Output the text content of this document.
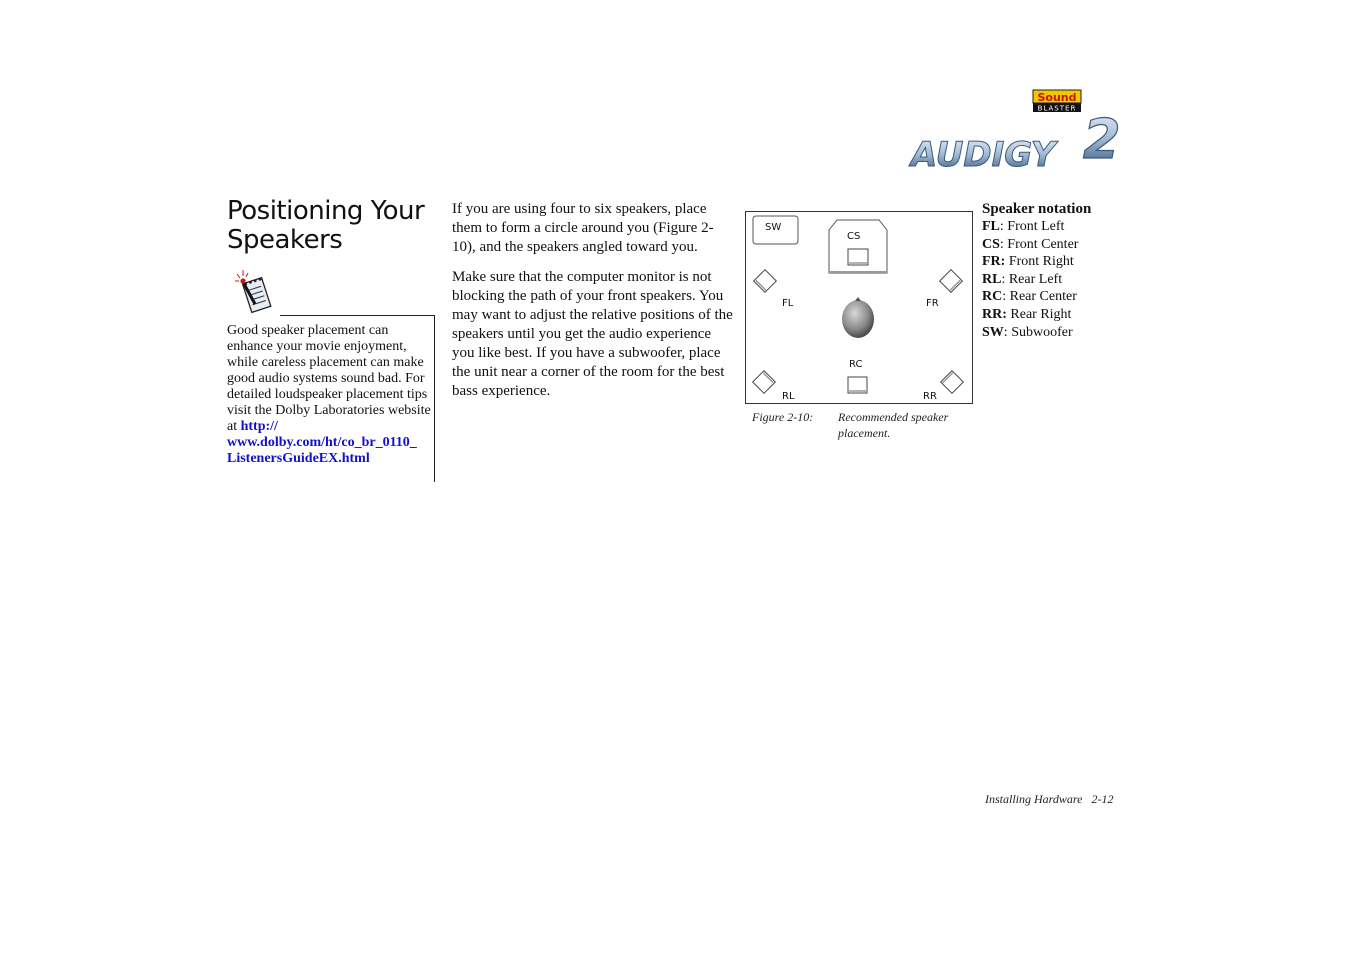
Sound
BLASTER
AUDIGY 2
Positioning Your Speakers
Good speaker placement can enhance your movie enjoyment, while careless placement can make good audio systems sound bad. For detailed loudspeaker placement tips visit the Dolby Laboratories website at http://
www.dolby.com/ht/co_br_0110_
ListenersGuideEX.html

If you are using four to six speakers, place them to form a circle around you (Figure 2-10), and the speakers angled toward you.

Make sure that the computer monitor is not blocking the path of your front speakers. You may want to adjust the relative positions of the speakers until you get the audio experience you like best. If you have a subwoofer, place the unit near a corner of the room for the best bass experience.

SW
CS
FL	FR
RC
RL	RR
Figure 2-10: Recommended speaker placement.
Speaker notation
FL: Front Left
CS: Front Center
FR: Front Right
RL: Rear Left
RC: Rear Center
RR: Rear Right
SW: Subwoofer
Installing Hardware 2-12
